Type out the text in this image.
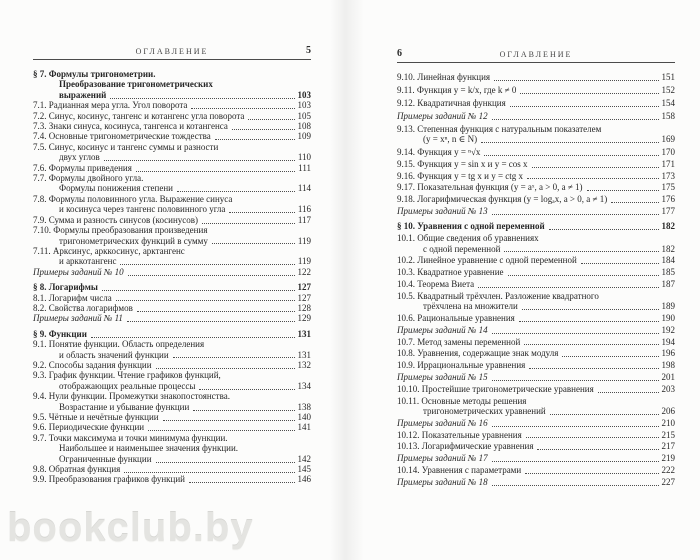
ОГЛАВЛЕНИЕ	5
§ 7. Формулы тригонометрии.
Преобразование тригонометрических
выражений	103
7.1. Радианная мера угла. Угол поворота	103
7.2. Синус, косинус, тангенс и котангенс угла поворота	105
7.3. Знаки синуса, косинуса, тангенса и котангенса	108
7.4. Основные тригонометрические тождества	109
7.5. Синус, косинус и тангенс суммы и разности
двух углов	110
7.6. Формулы приведения	111
7.7. Формулы двойного угла.
Формулы понижения степени	114
7.8. Формулы половинного угла. Выражение синуса
и косинуса через тангенс половинного угла	116
7.9. Сумма и разность синусов (косинусов)	117
7.10. Формулы преобразования произведения
тригонометрических функций в сумму	119
7.11. Арксинус, арккосинус, арктангенс
и арккотангенс	119
Примеры заданий № 10	122
§ 8. Логарифмы	127
8.1. Логарифм числа	127
8.2. Свойства логарифмов	128
Примеры заданий № 11	129
§ 9. Функции	131
9.1. Понятие функции. Область определения
и область значений функции	131
9.2. Способы задания функции	132
9.3. График функции. Чтение графиков функций,
отображающих реальные процессы	134
9.4. Нули функции. Промежутки знакопостоянства.
Возрастание и убывание функции	138
9.5. Чётные и нечётные функции	140
9.6. Периодические функции	141
9.7. Точки максимума и точки минимума функции.
Наибольшее и наименьшее значения функции.
Ограниченные функции	142
9.8. Обратная функция	145
9.9. Преобразования графиков функций	146
6	ОГЛАВЛЕНИЕ
9.10. Линейная функция	151
9.11. Функция y = k/x, где k ≠ 0	152
9.12. Квадратичная функция	154
Примеры заданий № 12	158
9.13. Степенная функция с натуральным показателем
(y = xⁿ, n ∈ N)	169
9.14. Функция y = ⁿ√x	170
9.15. Функция y = sin x и y = cos x	171
9.16. Функция y = tg x и y = ctg x	173
9.17. Показательная функция (y = aˣ, a > 0, a ≠ 1)	175
9.18. Логарифмическая функция (y = logₐx, a > 0, a ≠ 1)	176
Примеры заданий № 13	177
§ 10. Уравнения с одной переменной	182
10.1. Общие сведения об уравнениях
с одной переменной	182
10.2. Линейное уравнение с одной переменной	184
10.3. Квадратное уравнение	185
10.4. Теорема Виета	187
10.5. Квадратный трёхчлен. Разложение квадратного
трёхчлена на множители	189
10.6. Рациональные уравнения	190
Примеры заданий № 14	192
10.7. Метод замены переменной	194
10.8. Уравнения, содержащие знак модуля	196
10.9. Иррациональные уравнения	198
Примеры заданий № 15	201
10.10. Простейшие тригонометрические уравнения	203
10.11. Основные методы решения
тригонометрических уравнений	206
Примеры заданий № 16	210
10.12. Показательные уравнения	215
10.13. Логарифмические уравнения	217
Примеры заданий № 17	219
10.14. Уравнения с параметрами	222
Примеры заданий № 18	227
bookclub.by
